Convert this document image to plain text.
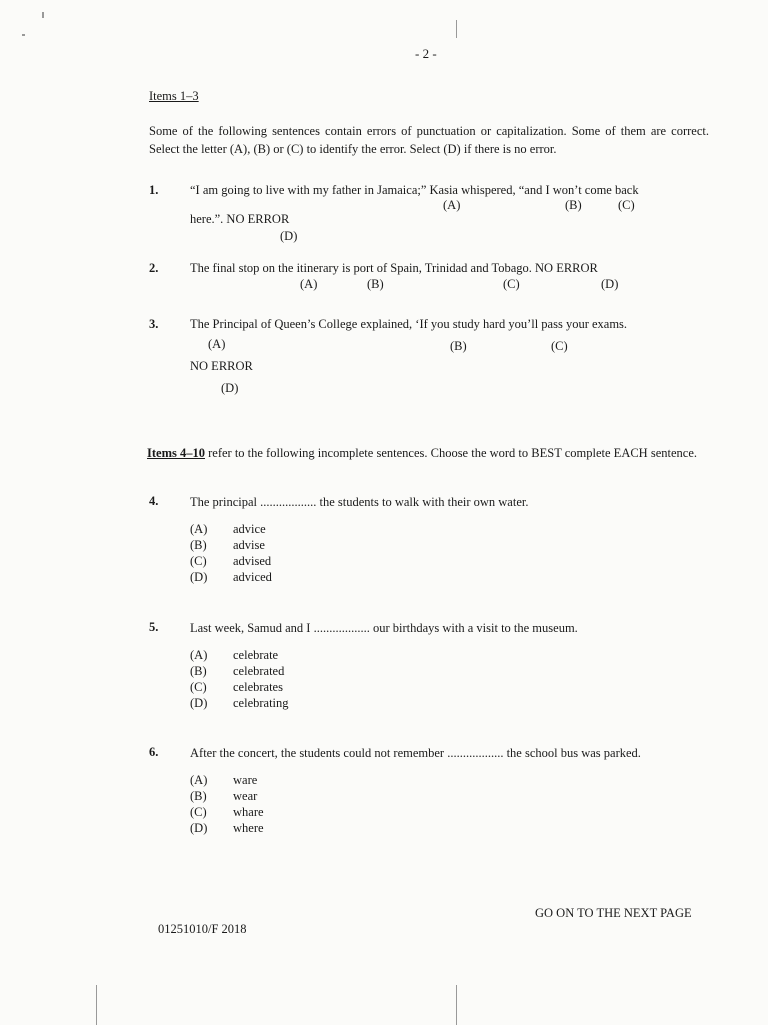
- 2 -
Items 1–3
Some of the following sentences contain errors of punctuation or capitalization. Some of them are correct. Select the letter (A), (B) or (C) to identify the error. Select (D) if there is no error.
1.	“I am going to live with my father in Jamaica;” Kasia whispered, “and I won’t come back
(A)	(B)	(C)
here.”. NO ERROR
(D)
2.	The final stop on the itinerary is port of Spain, Trinidad and Tobago. NO ERROR
(A)	(B)	(C)	(D)
3.	The Principal of Queen’s College explained, ‘If you study hard you’ll pass your exams.
(A)	(B)	(C)
NO ERROR
(D)
Items 4–10 refer to the following incomplete sentences. Choose the word to BEST complete EACH sentence.
4.	The principal .................. the students to walk with their own water.
(A) advice
(B) advise
(C) advised
(D) adviced
5.	Last week, Samud and I .................. our birthdays with a visit to the museum.
(A) celebrate
(B) celebrated
(C) celebrates
(D) celebrating
6.	After the concert, the students could not remember .................. the school bus was parked.
(A) ware
(B) wear
(C) whare
(D) where
GO ON TO THE NEXT PAGE
01251010/F 2018
